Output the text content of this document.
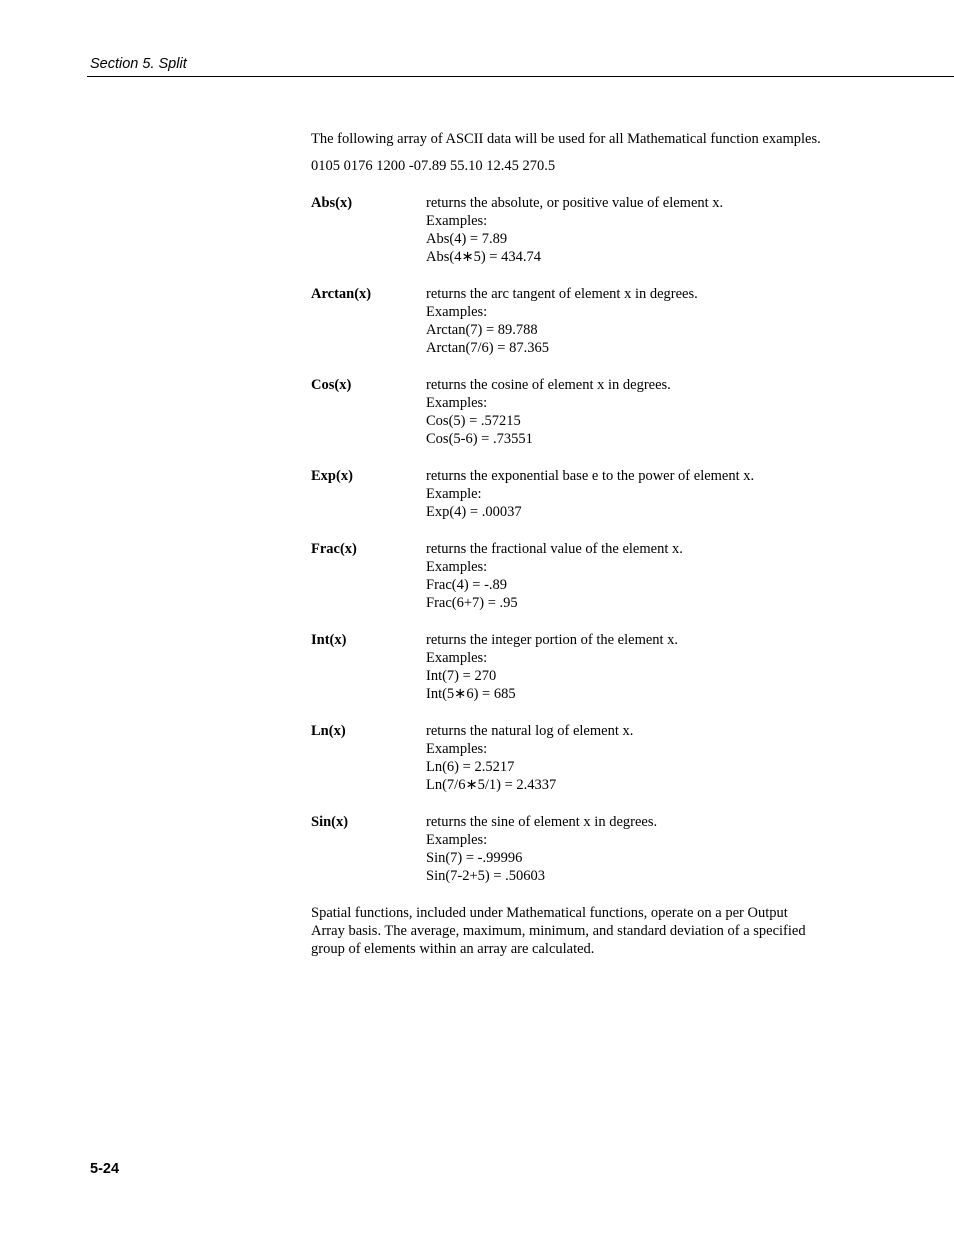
Section 5. Split

The following array of ASCII data will be used for all Mathematical function examples.

0105 0176 1200 -07.89 55.10 12.45 270.5

Abs(x)	returns the absolute, or positive value of element x.
Examples:
Abs(4) = 7.89
Abs(4∗5) = 434.74
Arctan(x)	returns the arc tangent of element x in degrees.
Examples:
Arctan(7) = 89.788
Arctan(7/6) = 87.365
Cos(x)	returns the cosine of element x in degrees.
Examples:
Cos(5) = .57215
Cos(5-6) = .73551
Exp(x)	returns the exponential base e to the power of element x.
Example:
Exp(4) = .00037
Frac(x)	returns the fractional value of the element x.
Examples:
Frac(4) = -.89
Frac(6+7) = .95
Int(x)	returns the integer portion of the element x.
Examples:
Int(7) = 270
Int(5∗6) = 685
Ln(x)	returns the natural log of element x.
Examples:
Ln(6) = 2.5217
Ln(7/6∗5/1) = 2.4337
Sin(x)	returns the sine of element x in degrees.
Examples:
Sin(7) = -.99996
Sin(7-2+5) = .50603

Spatial functions, included under Mathematical functions, operate on a per Output Array basis. The average, maximum, minimum, and standard deviation of a specified group of elements within an array are calculated.

5-24
